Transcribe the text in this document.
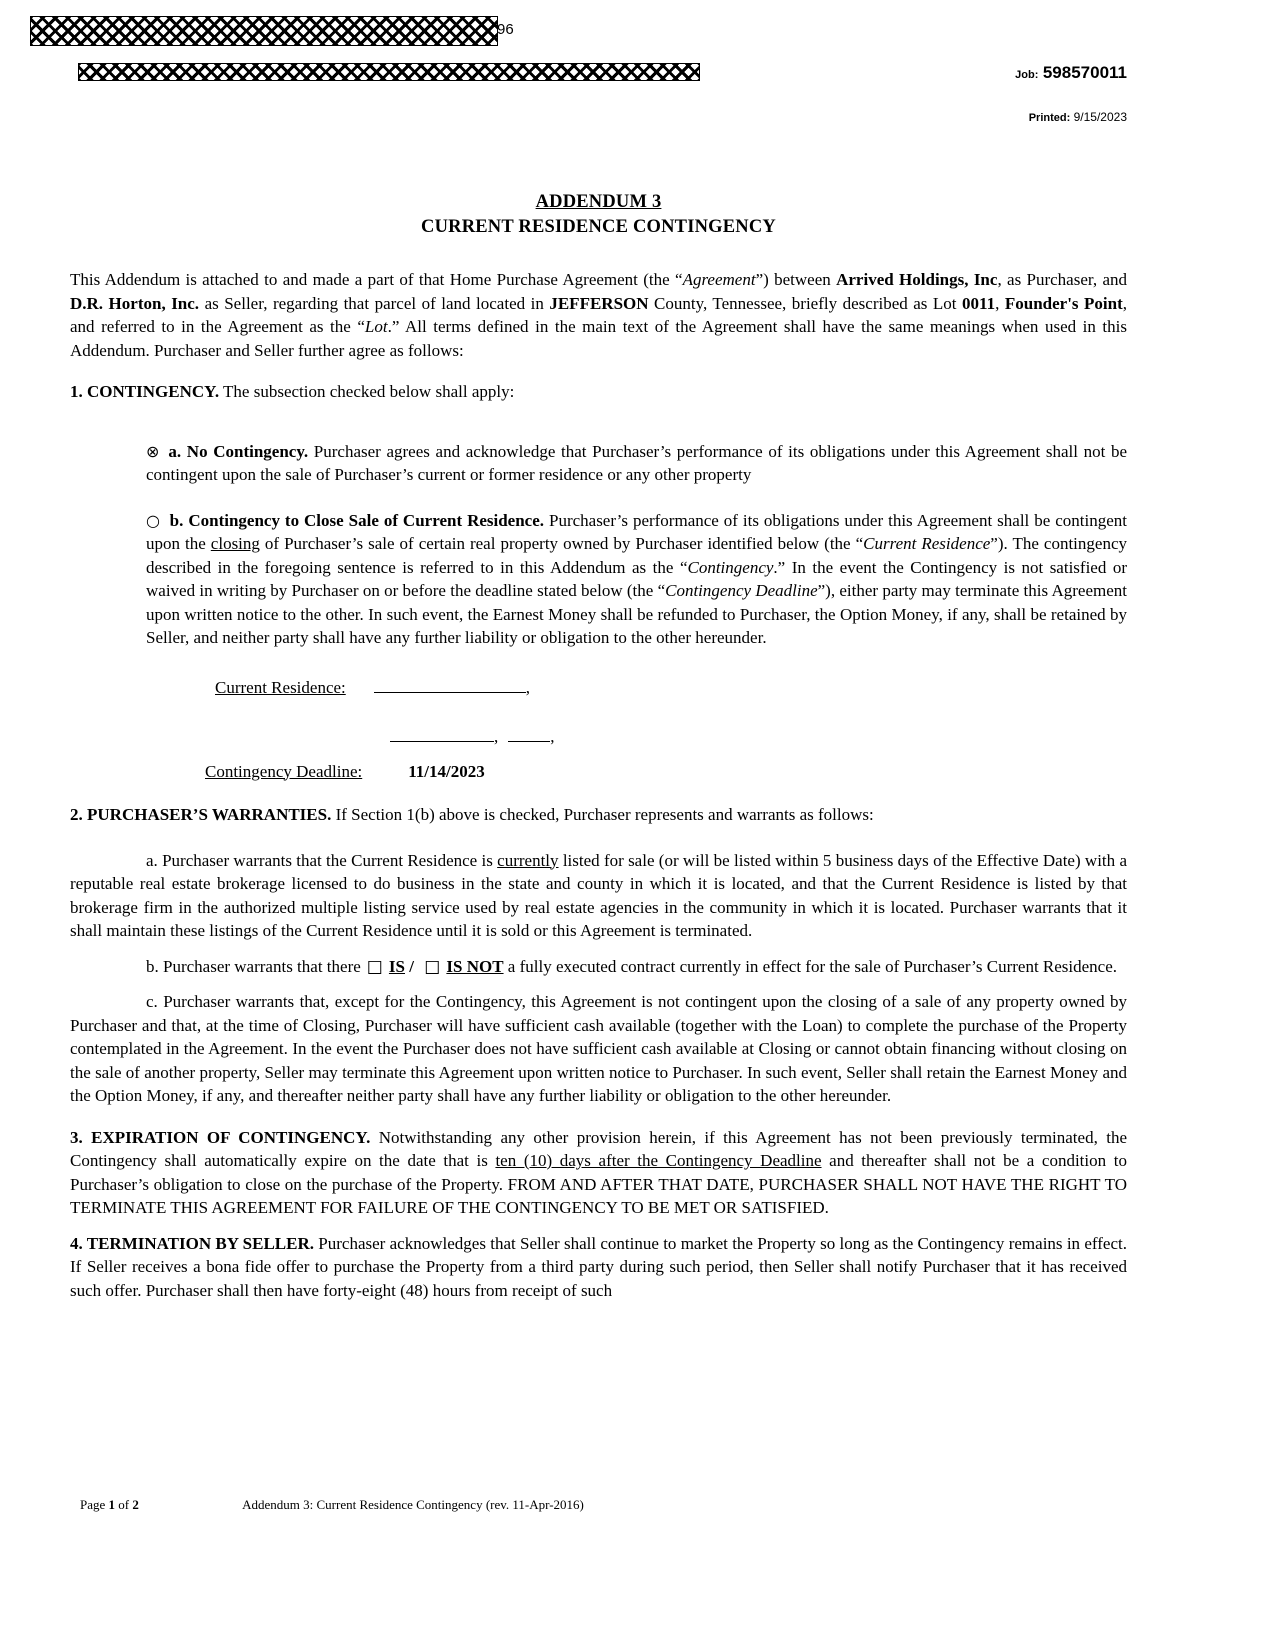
96
Job: 598570011
Printed: 9/15/2023
ADDENDUM 3
CURRENT RESIDENCE CONTINGENCY

This Addendum is attached to and made a part of that Home Purchase Agreement (the “Agreement”) between Arrived Holdings, Inc, as Purchaser, and D.R. Horton, Inc. as Seller, regarding that parcel of land located in JEFFERSON County, Tennessee, briefly described as Lot 0011, Founder's Point, and referred to in the Agreement as the “Lot.” All terms defined in the main text of the Agreement shall have the same meanings when used in this Addendum. Purchaser and Seller further agree as follows:

1. CONTINGENCY. The subsection checked below shall apply:

⊗ a. No Contingency. Purchaser agrees and acknowledge that Purchaser’s performance of its obligations under this Agreement shall not be contingent upon the sale of Purchaser’s current or former residence or any other property
○ b. Contingency to Close Sale of Current Residence. Purchaser’s performance of its obligations under this Agreement shall be contingent upon the closing of Purchaser’s sale of certain real property owned by Purchaser identified below (the “Current Residence”). The contingency described in the foregoing sentence is referred to in this Addendum as the “Contingency.” In the event the Contingency is not satisfied or waived in writing by Purchaser on or before the deadline stated below (the “Contingency Deadline”), either party may terminate this Agreement upon written notice to the other. In such event, the Earnest Money shall be refunded to Purchaser, the Option Money, if any, shall be retained by Seller, and neither party shall have any further liability or obligation to the other hereunder.
Current Residence:	,
,	,
Contingency Deadline:	11/14/2023

2. PURCHASER’S WARRANTIES. If Section 1(b) above is checked, Purchaser represents and warrants as follows:

a. Purchaser warrants that the Current Residence is currently listed for sale (or will be listed within 5 business days of the Effective Date) with a reputable real estate brokerage licensed to do business in the state and county in which it is located, and that the Current Residence is listed by that brokerage firm in the authorized multiple listing service used by real estate agencies in the community in which it is located. Purchaser warrants that it shall maintain these listings of the Current Residence until it is sold or this Agreement is terminated.

b. Purchaser warrants that there ☐ IS / ☐ IS NOT a fully executed contract currently in effect for the sale of Purchaser’s Current Residence.

c. Purchaser warrants that, except for the Contingency, this Agreement is not contingent upon the closing of a sale of any property owned by Purchaser and that, at the time of Closing, Purchaser will have sufficient cash available (together with the Loan) to complete the purchase of the Property contemplated in the Agreement. In the event the Purchaser does not have sufficient cash available at Closing or cannot obtain financing without closing on the sale of another property, Seller may terminate this Agreement upon written notice to Purchaser. In such event, Seller shall retain the Earnest Money and the Option Money, if any, and thereafter neither party shall have any further liability or obligation to the other hereunder.

3. EXPIRATION OF CONTINGENCY. Notwithstanding any other provision herein, if this Agreement has not been previously terminated, the Contingency shall automatically expire on the date that is ten (10) days after the Contingency Deadline and thereafter shall not be a condition to Purchaser’s obligation to close on the purchase of the Property. FROM AND AFTER THAT DATE, PURCHASER SHALL NOT HAVE THE RIGHT TO TERMINATE THIS AGREEMENT FOR FAILURE OF THE CONTINGENCY TO BE MET OR SATISFIED.

4. TERMINATION BY SELLER. Purchaser acknowledges that Seller shall continue to market the Property so long as the Contingency remains in effect. If Seller receives a bona fide offer to purchase the Property from a third party during such period, then Seller shall notify Purchaser that it has received such offer. Purchaser shall then have forty-eight (48) hours from receipt of such

Page 1 of 2	Addendum 3: Current Residence Contingency (rev. 11-Apr-2016)
